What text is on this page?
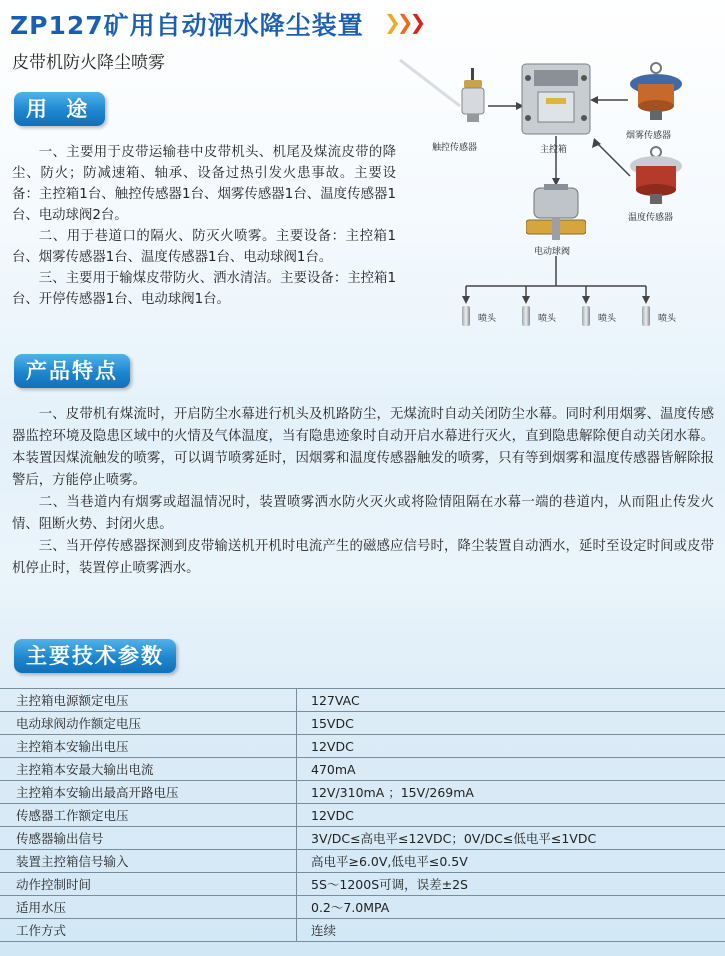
ZP127矿用自动洒水降尘装置 ❯❯❯
皮带机防火降尘喷雾
用 途

一、主要用于皮带运输巷中皮带机头、机尾及煤流皮带的降尘、防火；防减速箱、轴承、设备过热引发火患事故。主要设备：主控箱1台、触控传感器1台、烟雾传感器1台、温度传感器1台、电动球阀2台。

二、用于巷道口的隔火、防灭火喷雾。主要设备：主控箱1台、烟雾传感器1台、温度传感器1台、电动球阀1台。

三、主要用于输煤皮带防火、洒水清洁。主要设备：主控箱1台、开停传感器1台、电动球阀1台。

触控传感器	主控箱
烟雾传感器
温度传感器
电动球阀
喷头	喷头	喷头	喷头
产品特点

一、皮带机有煤流时，开启防尘水幕进行机头及机路防尘，无煤流时自动关闭防尘水幕。同时利用烟雾、温度传感器监控环境及隐患区域中的火情及气体温度，当有隐患迹象时自动开启水幕进行灭火，直到隐患解除便自动关闭水幕。本装置因煤流触发的喷雾，可以调节喷雾延时，因烟雾和温度传感器触发的喷雾，只有等到烟雾和温度传感器皆解除报警后，方能停止喷雾。

二、当巷道内有烟雾或超温情况时，装置喷雾洒水防火灭火或将险情阻隔在水幕一端的巷道内，从而阻止传发火情、阻断火势、封闭火患。

三、当开停传感器探测到皮带输送机开机时电流产生的磁感应信号时，降尘装置自动洒水，延时至设定时间或皮带机停止时，装置停止喷雾洒水。

主要技术参数
主控箱电源额定电压	127VAC
电动球阀动作额定电压	15VDC
主控箱本安输出电压	12VDC
主控箱本安最大输出电流	470mA
主控箱本安输出最高开路电压	12V/310mA ；15V/269mA
传感器工作额定电压	12VDC
传感器输出信号	3V/DC≤高电平≤12VDC；0V/DC≤低电平≤1VDC
装置主控箱信号输入	高电平≥6.0V,低电平≤0.5V
动作控制时间	5S～1200S可调，误差±2S
适用水压	0.2～7.0MPA
工作方式	连续
